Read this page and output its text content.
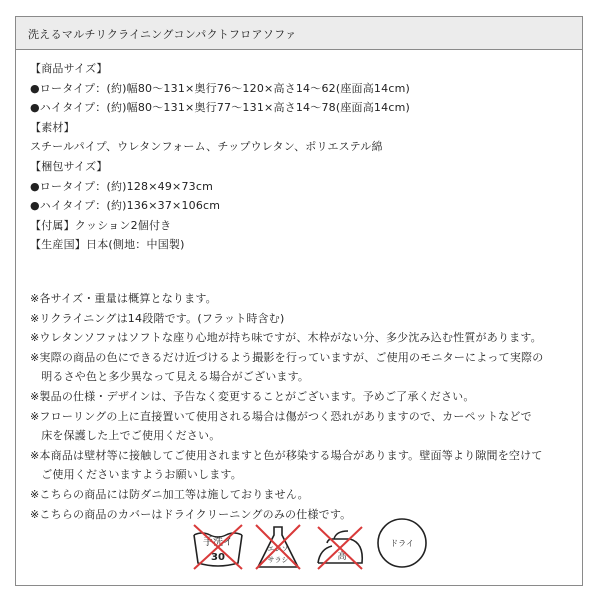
洗えるマルチリクライニングコンパクトフロアソファ
【商品サイズ】
●ロータイプ：(約)幅80～131×奥行76～120×高さ14～62(座面高14cm)
●ハイタイプ：(約)幅80～131×奥行77～131×高さ14～78(座面高14cm)
【素材】
スチールパイプ、ウレタンフォーム、チップウレタン、ポリエステル綿
【梱包サイズ】
●ロータイプ：(約)128×49×73cm
●ハイタイプ：(約)136×37×106cm
【付属】クッション2個付き
【生産国】日本(側地：中国製)
※各サイズ・重量は概算となります。
※リクライニングは14段階です。(フラット時含む)
※ウレタンソファはソフトな座り心地が持ち味ですが、木枠がない分、多少沈み込む性質があります。
※実際の商品の色にできるだけ近づけるよう撮影を行っていますが、ご使用のモニターによって実際の
　明るさや色と多少異なって見える場合がございます。
※製品の仕様・デザインは、予告なく変更することがございます。予めご了承ください。
※フローリングの上に直接置いて使用される場合は傷がつく恐れがありますので、カーペットなどで
　床を保護した上でご使用ください。
※本商品は壁材等に接触してご使用されますと色が移染する場合があります。壁面等より隙間を空けて
　ご使用くださいますようお願いします。
※こちらの商品には防ダニ加工等は施しておりません。
※こちらの商品のカバーはドライクリーニングのみの仕様です。
手洗イ
30
エンソ
サラシ	高
ドライ
